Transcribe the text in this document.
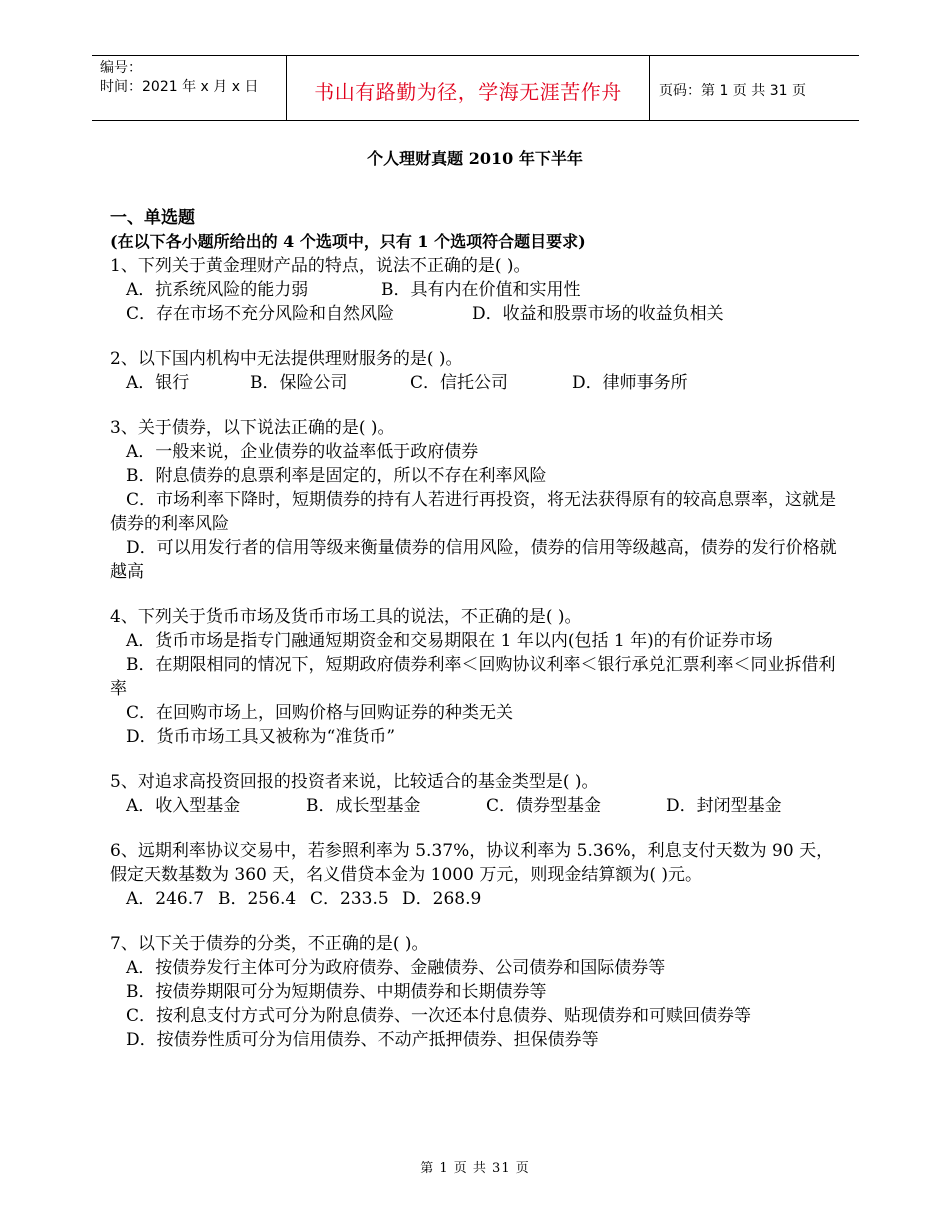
编号：
时间：2021 年 x 月 x 日	书山有路勤为径，学海无涯苦作舟	页码：第 1 页 共 31 页
个人理财真题 2010 年下半年
一、单选题
(在以下各小题所给出的 4 个选项中，只有 1 个选项符合题目要求)
1、下列关于黄金理财产品的特点，说法不正确的是( )。
A．抗系统风险的能力弱	B．具有内在价值和实用性
C．存在市场不充分风险和自然风险	D．收益和股票市场的收益负相关
2、以下国内机构中无法提供理财服务的是( )。
A．银行	B．保险公司	C．信托公司	D．律师事务所
3、关于债券，以下说法正确的是( )。
A．一般来说，企业债券的收益率低于政府债券
B．附息债券的息票利率是固定的，所以不存在利率风险
C．市场利率下降时，短期债券的持有人若进行再投资，将无法获得原有的较高息票率，这就是债券的利率风险
D．可以用发行者的信用等级来衡量债券的信用风险，债券的信用等级越高，债券的发行价格就越高
4、下列关于货币市场及货币市场工具的说法，不正确的是( )。
A．货币市场是指专门融通短期资金和交易期限在 1 年以内(包括 1 年)的有价证券市场
B．在期限相同的情况下，短期政府债券利率＜回购协议利率＜银行承兑汇票利率＜同业拆借利率
C．在回购市场上，回购价格与回购证券的种类无关
D．货币市场工具又被称为“准货币”
5、对追求高投资回报的投资者来说，比较适合的基金类型是( )。
A．收入型基金	B．成长型基金	C．债券型基金	D．封闭型基金
6、远期利率协议交易中，若参照利率为 5.37%，协议利率为 5.36%，利息支付天数为 90 天，假定天数基数为 360 天，名义借贷本金为 1000 万元，则现金结算额为( )元。
A．246.7 B．256.4 C．233.5 D．268.9
7、以下关于债券的分类，不正确的是( )。
A．按债券发行主体可分为政府债券、金融债券、公司债券和国际债券等
B．按债券期限可分为短期债券、中期债券和长期债券等
C．按利息支付方式可分为附息债券、一次还本付息债券、贴现债券和可赎回债券等
D．按债券性质可分为信用债券、不动产抵押债券、担保债券等
第 1 页 共 31 页
